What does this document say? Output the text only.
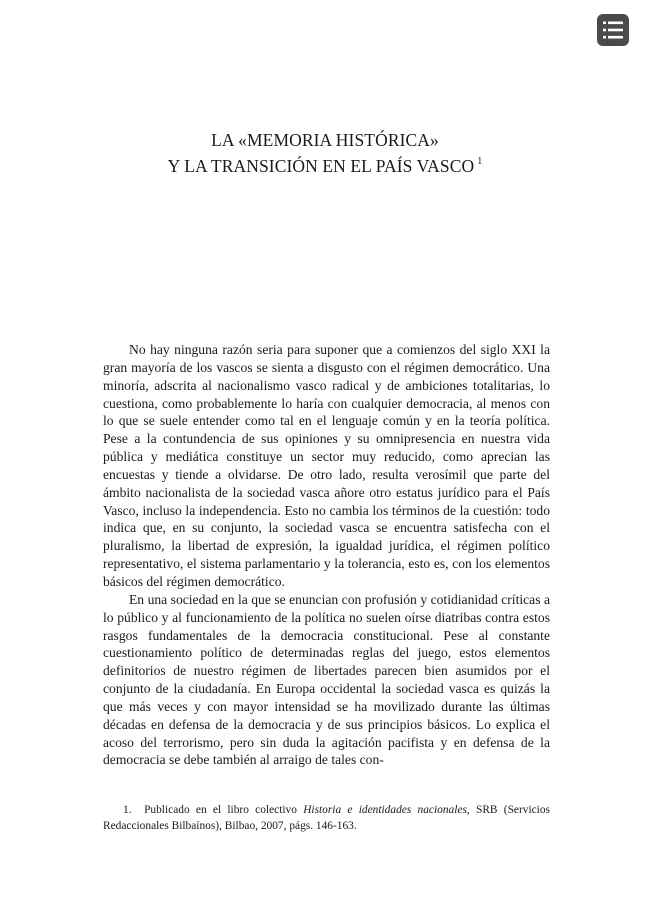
LA «MEMORIA HISTÓRICA»
Y LA TRANSICIÓN EN EL PAÍS VASCO $^1$

No hay ninguna razón seria para suponer que a comienzos del siglo XXI la gran mayoría de los vascos se sienta a disgusto con el régimen democrático. Una minoría, adscrita al nacionalismo vasco radical y de ambiciones totalitarias, lo cuestiona, como probablemente lo haría con cualquier democracia, al menos con lo que se suele entender como tal en el lenguaje común y en la teoría política. Pese a la contundencia de sus opiniones y su omnipresencia en nuestra vida pública y mediática constituye un sector muy reducido, como aprecian las encuestas y tiende a olvidarse. De otro lado, resulta verosímil que parte del ámbito nacionalista de la sociedad vasca añore otro estatus jurídico para el País Vasco, incluso la independencia. Esto no cambia los términos de la cuestión: todo indica que, en su conjunto, la sociedad vasca se encuentra satisfecha con el pluralismo, la libertad de expresión, la igualdad jurídica, el régimen político representativo, el sistema parlamentario y la tolerancia, esto es, con los elementos básicos del régimen democrático.

En una sociedad en la que se enuncian con profusión y cotidianidad críticas a lo público y al funcionamiento de la política no suelen oírse diatribas contra estos rasgos fundamentales de la democracia constitucional. Pese al constante cuestionamiento político de determinadas reglas del juego, estos elementos definitorios de nuestro régimen de libertades parecen bien asumidos por el conjunto de la ciudadanía. En Europa occidental la sociedad vasca es quizás la que más veces y con mayor intensidad se ha movilizado durante las últimas décadas en defensa de la democracia y de sus principios básicos. Lo explica el acoso del terrorismo, pero sin duda la agitación pacifista y en defensa de la democracia se debe también al arraigo de tales con-

1. Publicado en el libro colectivo Historia e identidades nacionales, SRB (Servicios Redaccionales Bilbaínos), Bilbao, 2007, págs. 146-163.
